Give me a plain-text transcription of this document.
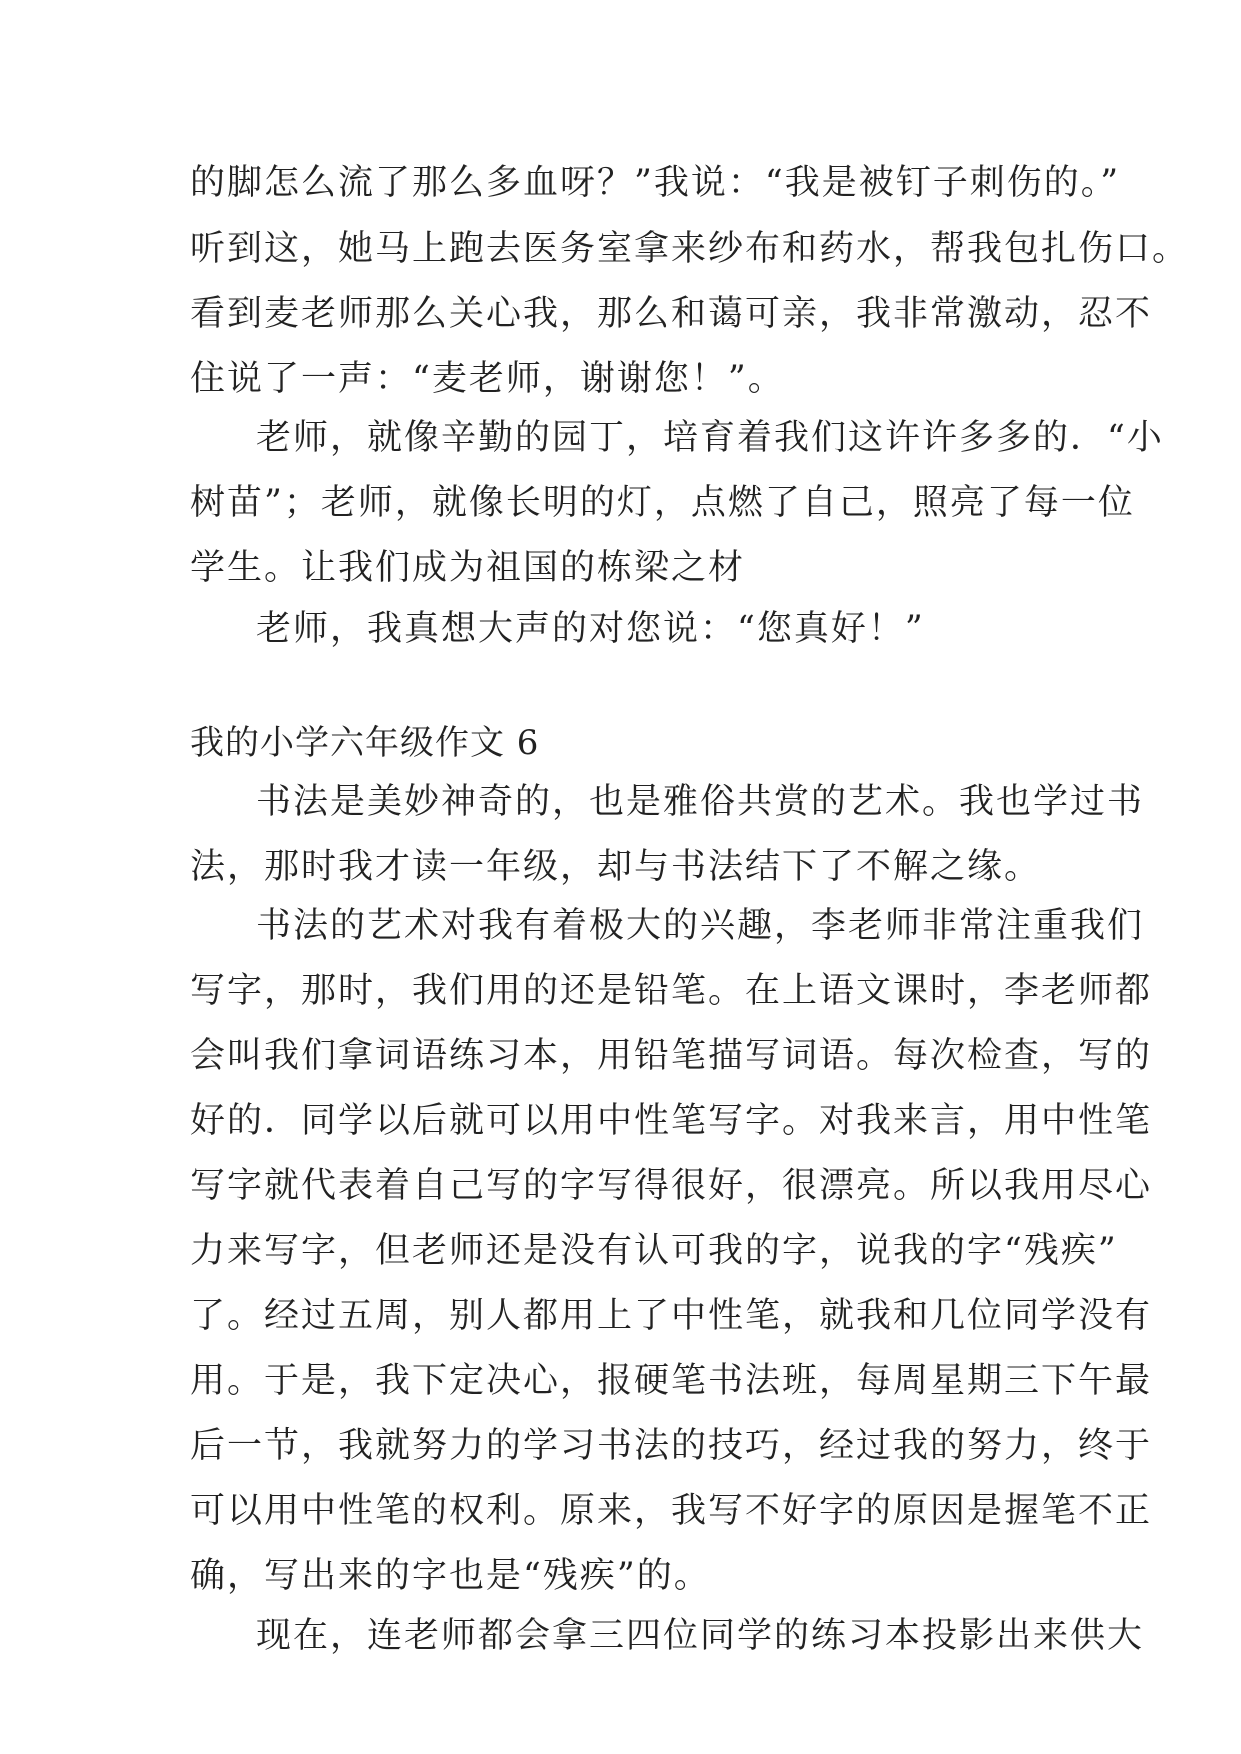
的脚怎么流了那么多血呀？”我说：“我是被钉子刺伤的。”
听到这，她马上跑去医务室拿来纱布和药水，帮我包扎伤口。
看到麦老师那么关心我，那么和蔼可亲，我非常激动，忍不
住说了一声：“麦老师，谢谢您！”。
老师，就像辛勤的园丁，培育着我们这许许多多的．“小
树苗”；老师，就像长明的灯，点燃了自己，照亮了每一位
学生。让我们成为祖国的栋梁之材
老师，我真想大声的对您说：“您真好！”
我的小学六年级作文 6
书法是美妙神奇的，也是雅俗共赏的艺术。我也学过书
法，那时我才读一年级，却与书法结下了不解之缘。
书法的艺术对我有着极大的兴趣，李老师非常注重我们
写字，那时，我们用的还是铅笔。在上语文课时，李老师都
会叫我们拿词语练习本，用铅笔描写词语。每次检查，写的
好的．同学以后就可以用中性笔写字。对我来言，用中性笔
写字就代表着自己写的字写得很好，很漂亮。所以我用尽心
力来写字，但老师还是没有认可我的字，说我的字“残疾”
了。经过五周，别人都用上了中性笔，就我和几位同学没有
用。于是，我下定决心，报硬笔书法班，每周星期三下午最
后一节，我就努力的学习书法的技巧，经过我的努力，终于
可以用中性笔的权利。原来，我写不好字的原因是握笔不正
确，写出来的字也是“残疾”的。
现在，连老师都会拿三四位同学的练习本投影出来供大
